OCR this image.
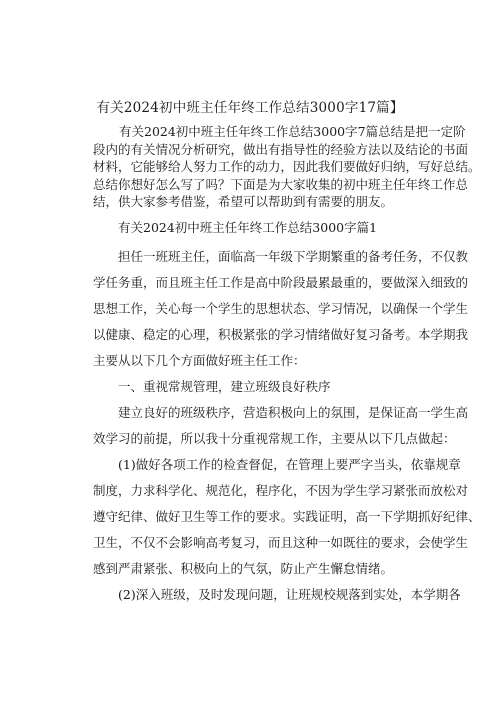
有关2024初中班主任年终工作总结3000字17篇】
有关2024初中班主任年终工作总结3000字7篇总结是把一定阶
段内的有关情况分析研究，做出有指导性的经验方法以及结论的书面
材料，它能够给人努力工作的动力，因此我们要做好归纳，写好总结。
总结你想好怎么写了吗？下面是为大家收集的初中班主任年终工作总
结，供大家参考借鉴，希望可以帮助到有需要的朋友。
有关2024初中班主任年终工作总结3000字篇1
担任一班班主任，面临高一年级下学期繁重的备考任务，不仅教
学任务重，而且班主任工作是高中阶段最累最重的，要做深入细致的
思想工作，关心每一个学生的思想状态、学习情况，以确保一个学生
以健康、稳定的心理，积极紧张的学习情绪做好复习备考。本学期我
主要从以下几个方面做好班主任工作：
一、重视常规管理，建立班级良好秩序
建立良好的班级秩序，营造积极向上的氛围，是保证高一学生高
效学习的前提，所以我十分重视常规工作，主要从以下几点做起：
(1)做好各项工作的检查督促，在管理上要严字当头，依靠规章
制度，力求科学化、规范化，程序化，不因为学生学习紧张而放松对
遵守纪律、做好卫生等工作的要求。实践证明，高一下学期抓好纪律、
卫生，不仅不会影响高考复习，而且这种一如既往的要求，会使学生
感到严肃紧张、积极向上的气氛，防止产生懈怠情绪。
(2)深入班级，及时发现问题，让班规校规落到实处，本学期各
